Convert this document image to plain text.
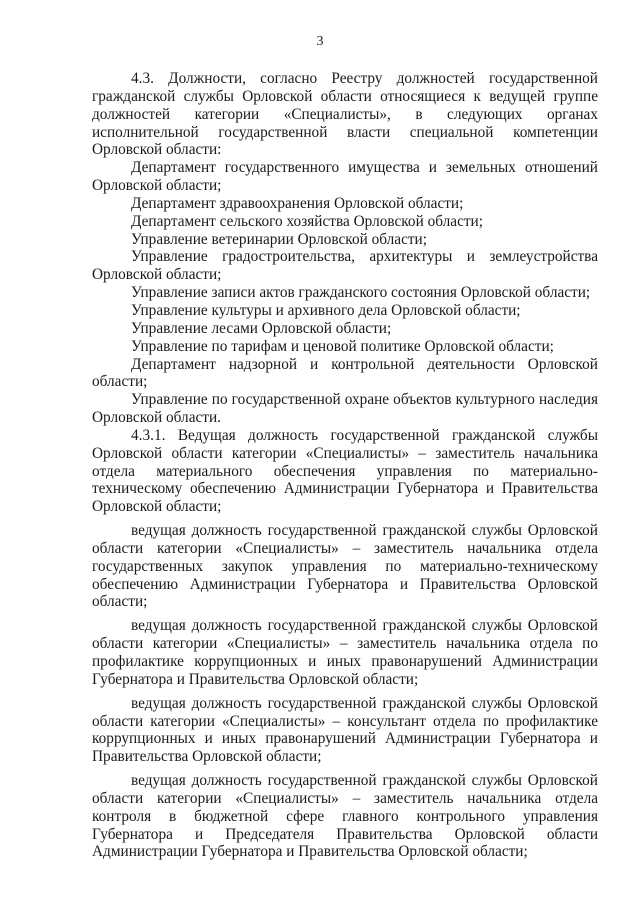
3

4.3. Должности, согласно Реестру должностей государственной гражданской службы Орловской области относящиеся к ведущей группе должностей категории «Специалисты», в следующих органах исполнительной государственной власти специальной компетенции Орловской области:

Департамент государственного имущества и земельных отношений Орловской области;

Департамент здравоохранения Орловской области;

Департамент сельского хозяйства Орловской области;

Управление ветеринарии Орловской области;

Управление градостроительства, архитектуры и землеустройства Орловской области;

Управление записи актов гражданского состояния Орловской области;

Управление культуры и архивного дела Орловской области;

Управление лесами Орловской области;

Управление по тарифам и ценовой политике Орловской области;

Департамент надзорной и контрольной деятельности Орловской области;

Управление по государственной охране объектов культурного наследия Орловской области.

4.3.1. Ведущая должность государственной гражданской службы Орловской области категории «Специалисты» – заместитель начальника отдела материального обеспечения управления по материально-техническому обеспечению Администрации Губернатора и Правительства Орловской области;

ведущая должность государственной гражданской службы Орловской области категории «Специалисты» – заместитель начальника отдела государственных закупок управления по материально-техническому обеспечению Администрации Губернатора и Правительства Орловской области;

ведущая должность государственной гражданской службы Орловской области категории «Специалисты» – заместитель начальника отдела по профилактике коррупционных и иных правонарушений Администрации Губернатора и Правительства Орловской области;

ведущая должность государственной гражданской службы Орловской области категории «Специалисты» – консультант отдела по профилактике коррупционных и иных правонарушений Администрации Губернатора и Правительства Орловской области;

ведущая должность государственной гражданской службы Орловской области категории «Специалисты» – заместитель начальника отдела контроля в бюджетной сфере главного контрольного управления Губернатора и Председателя Правительства Орловской области Администрации Губернатора и Правительства Орловской области;
